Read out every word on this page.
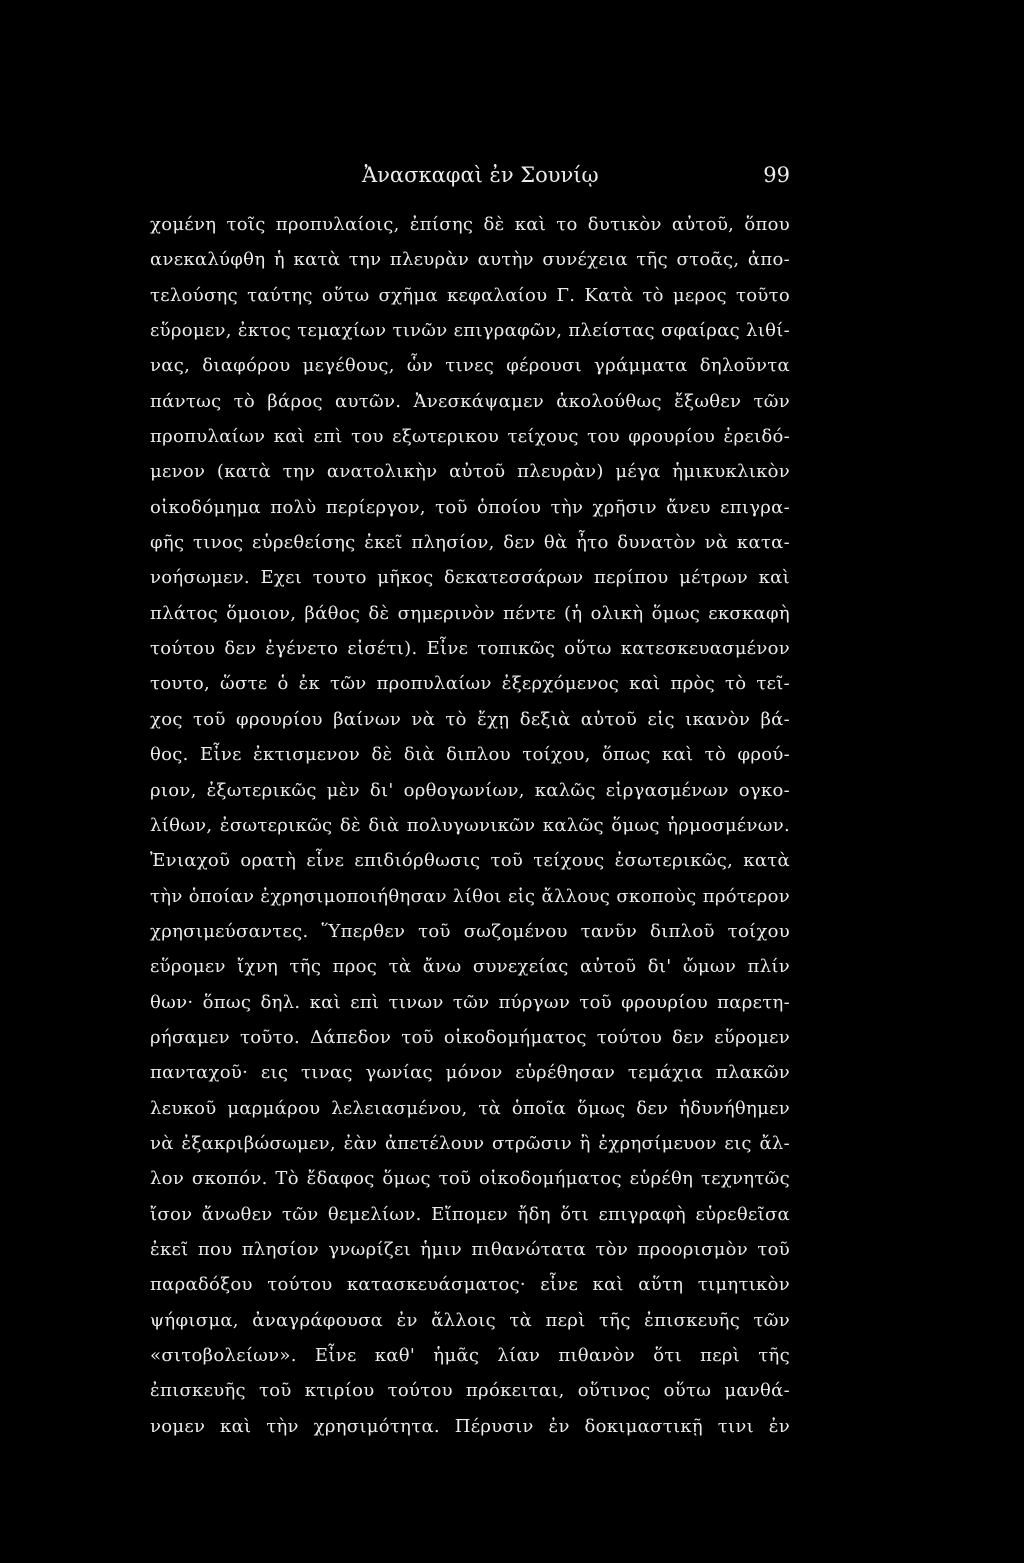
Ἀνασκαφαὶ ἐν Σουνίῳ	99
χομένη τοῖς προπυλαίοις, ἐπίσης δὲ καὶ το δυτικὸν αὐτοῦ, ὅπου
ανεκαλύφθη ἡ κατὰ την πλευρὰν αυτὴν συνέχεια τῆς στοᾶς, ἀπο-
τελούσης ταύτης οὕτω σχῆμα κεφαλαίου Γ. Κατὰ τὸ μερος τοῦτο
εὕρομεν, ἐκτος τεμαχίων τινῶν επιγραφῶν, πλείστας σφαίρας λιθί-
νας, διαφόρου μεγέθους, ὧν τινες φέρουσι γράμματα δηλοῦντα
πάντως τὸ βάρος αυτῶν. Ἀνεσκάψαμεν ἀκολούθως ἔξωθεν τῶν
προπυλαίων καὶ επὶ του εξωτερικου τείχους του φρουρίου ἐρειδό-
μενον (κατὰ την ανατολικὴν αὐτοῦ πλευρὰν) μέγα ἡμικυκλικὸν
οἰκοδόμημα πολὺ περίεργον, τοῦ ὁποίου τὴν χρῆσιν ἄνευ επιγρα-
φῆς τινος εὑρεθείσης ἐκεῖ πλησίον, δεν θὰ ἦτο δυνατὸν νὰ κατα-
νοήσωμεν. Εχει τουτο μῆκος δεκατεσσάρων περίπου μέτρων καὶ
πλάτος ὅμοιον, βάθος δὲ σημερινὸν πέντε (ἡ ολικὴ ὅμως εκσκαφὴ
τούτου δεν ἐγένετο εἰσέτι). Εἶνε τοπικῶς οὕτω κατεσκευασμένον
τουτο, ὥστε ὁ ἐκ τῶν προπυλαίων ἐξερχόμενος καὶ πρὸς τὸ τεῖ-
χος τοῦ φρουρίου βαίνων νὰ τὸ ἔχῃ δεξιὰ αὐτοῦ εἰς ικανὸν βά-
θος. Εἶνε ἐκτισμενον δὲ διὰ διπλου τοίχου, ὅπως καὶ τὸ φρού-
ριον, ἐξωτερικῶς μὲν δι' ορθογωνίων, καλῶς εἰργασμένων ογκο-
λίθων, ἐσωτερικῶς δὲ διὰ πολυγωνικῶν καλῶς ὅμως ἡρμοσμένων.
Ἐνιαχοῦ ορατὴ εἶνε επιδιόρθωσις τοῦ τείχους ἐσωτερικῶς, κατὰ
τὴν ὁποίαν ἐχρησιμοποιήθησαν λίθοι εἰς ἄλλους σκοποὺς πρότερον
χρησιμεύσαντες. Ὕπερθεν τοῦ σωζομένου τανῦν διπλοῦ τοίχου
εὕρομεν ἴχνη τῆς προς τὰ ἄνω συνεχείας αὐτοῦ δι' ὤμων πλίν
θων· ὅπως δηλ. καὶ επὶ τινων τῶν πύργων τοῦ φρουρίου παρετη-
ρήσαμεν τοῦτο. Δάπεδον τοῦ οἰκοδομήματος τούτου δεν εὕρομεν
πανταχοῦ· εις τινας γωνίας μόνον εὑρέθησαν τεμάχια πλακῶν
λευκοῦ μαρμάρου λελειασμένου, τὰ ὁποῖα ὅμως δεν ἠδυνήθημεν
νὰ ἐξακριβώσωμεν, ἐὰν ἀπετέλουν στρῶσιν ἢ ἐχρησίμευον εις ἄλ-
λον σκοπόν. Τὸ ἔδαφος ὅμως τοῦ οἰκοδομήματος εὑρέθη τεχνητῶς
ἴσον ἄνωθεν τῶν θεμελίων. Εἴπομεν ἤδη ὅτι επιγραφὴ εὑρεθεῖσα
ἐκεῖ που πλησίον γνωρίζει ἡμιν πιθανώτατα τὸν προορισμὸν τοῦ
παραδόξου τούτου κατασκευάσματος· εἶνε καὶ αὕτη τιμητικὸν
ψήφισμα, ἀναγράφουσα ἐν ἄλλοις τὰ περὶ τῆς ἐπισκευῆς τῶν
«σιτοβολείων». Εἶνε καθ' ἡμᾶς λίαν πιθανὸν ὅτι περὶ τῆς
ἐπισκευῆς τοῦ κτιρίου τούτου πρόκειται, οὕτινος οὕτω μανθά-
νομεν καὶ τὴν χρησιμότητα. Πέρυσιν ἐν δοκιμαστικῇ τινι ἐν
